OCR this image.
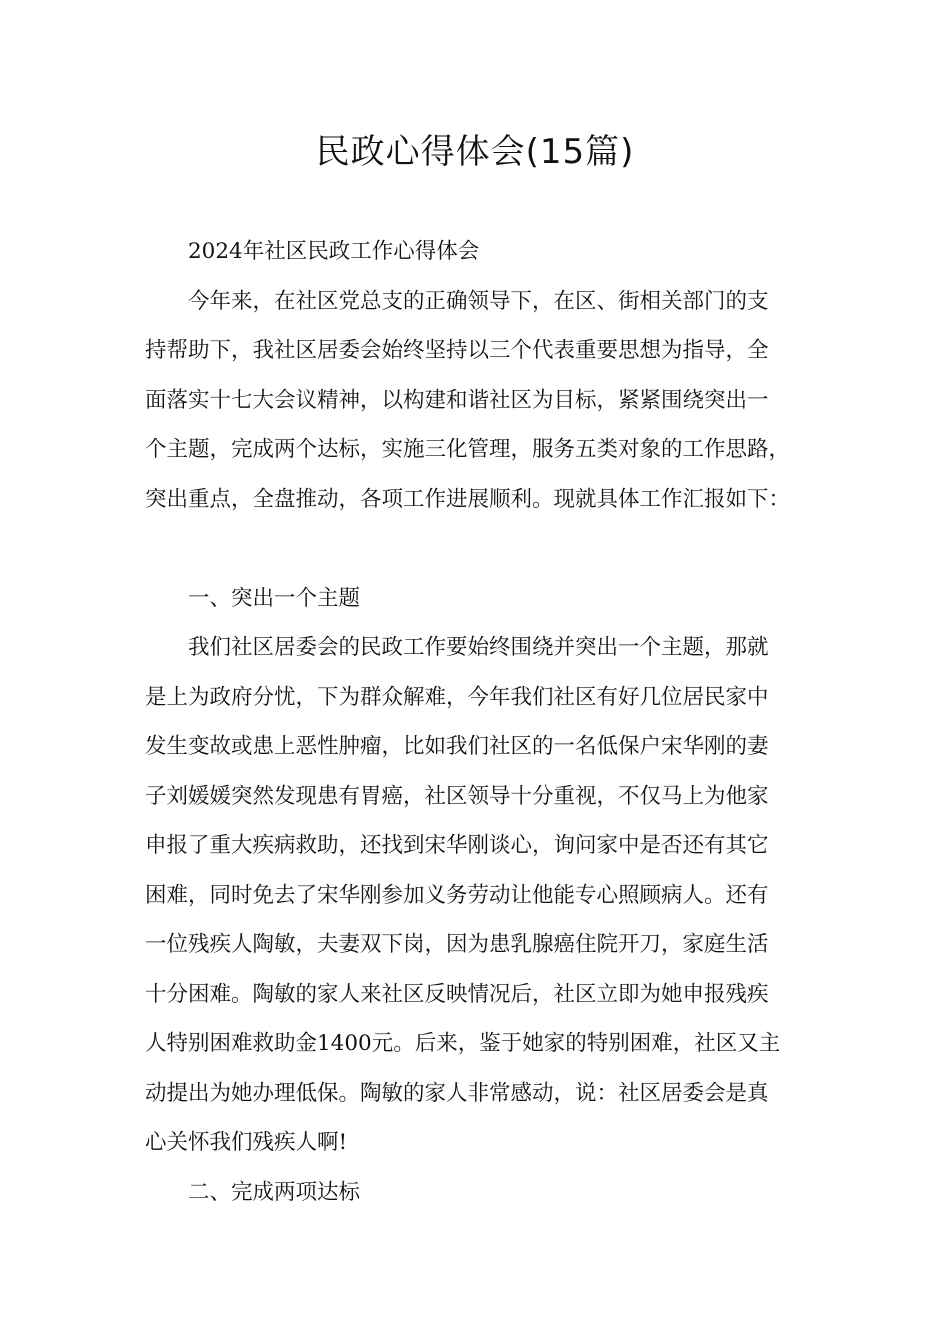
民政心得体会(15篇)
2024年社区民政工作心得体会
今年来，在社区党总支的正确领导下，在区、街相关部门的支
持帮助下，我社区居委会始终坚持以三个代表重要思想为指导，全
面落实十七大会议精神，以构建和谐社区为目标，紧紧围绕突出一
个主题，完成两个达标，实施三化管理，服务五类对象的工作思路，
突出重点，全盘推动，各项工作进展顺利。现就具体工作汇报如下：
一、突出一个主题
我们社区居委会的民政工作要始终围绕并突出一个主题，那就
是上为政府分忧，下为群众解难，今年我们社区有好几位居民家中
发生变故或患上恶性肿瘤，比如我们社区的一名低保户宋华刚的妻
子刘媛媛突然发现患有胃癌，社区领导十分重视，不仅马上为他家
申报了重大疾病救助，还找到宋华刚谈心，询问家中是否还有其它
困难，同时免去了宋华刚参加义务劳动让他能专心照顾病人。还有
一位残疾人陶敏，夫妻双下岗，因为患乳腺癌住院开刀，家庭生活
十分困难。陶敏的家人来社区反映情况后，社区立即为她申报残疾
人特别困难救助金1400元。后来，鉴于她家的特别困难，社区又主
动提出为她办理低保。陶敏的家人非常感动，说：社区居委会是真
心关怀我们残疾人啊!
二、完成两项达标
